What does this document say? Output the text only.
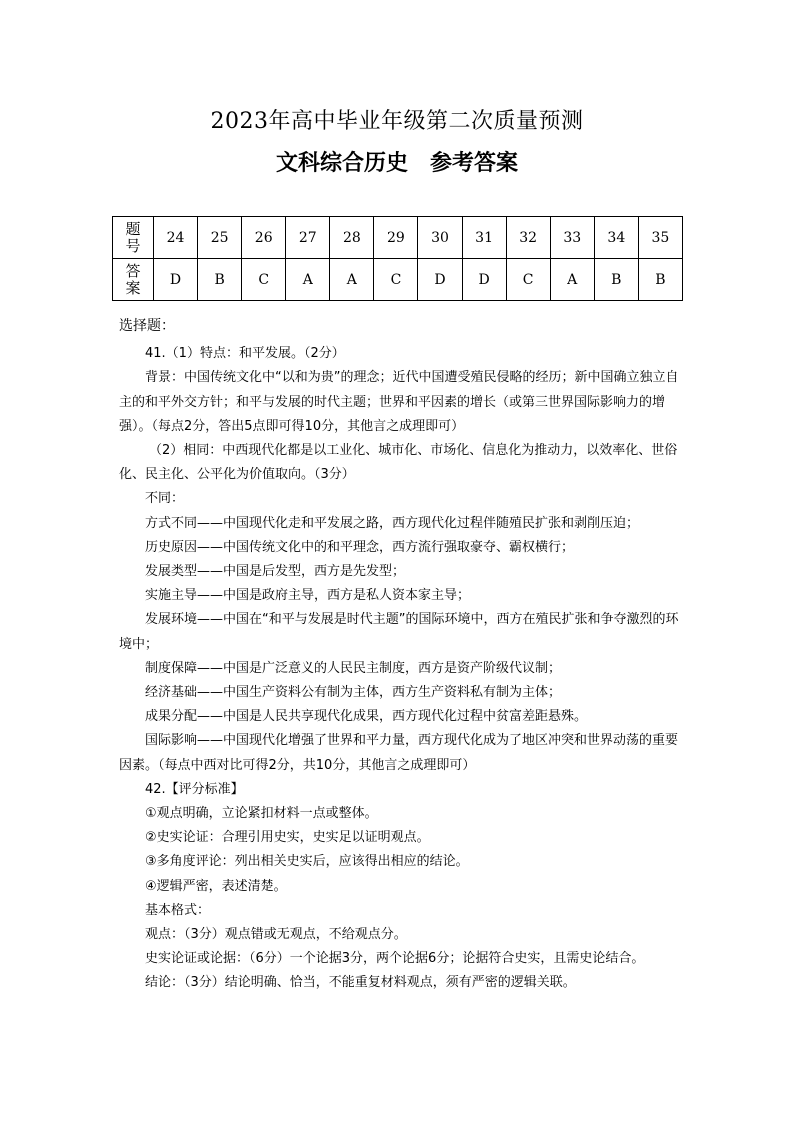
2023年高中毕业年级第二次质量预测
文科综合历史 参考答案
题
号	24	25	26	27	28	29	30	31	32	33	34	35
答
案	D	B	C	A	A	C	D	D	C	A	B	B

选择题：

41.（1）特点：和平发展。（2分）

背景：中国传统文化中“以和为贵”的理念；近代中国遭受殖民侵略的经历；新中国确立独立自主的和平外交方针；和平与发展的时代主题；世界和平因素的增长（或第三世界国际影响力的增强）。（每点2分，答出5点即可得10分，其他言之成理即可）

（2）相同：中西现代化都是以工业化、城市化、市场化、信息化为推动力，以效率化、世俗化、民主化、公平化为价值取向。（3分）

不同：

方式不同——中国现代化走和平发展之路，西方现代化过程伴随殖民扩张和剥削压迫；

历史原因——中国传统文化中的和平理念，西方流行强取豪夺、霸权横行；

发展类型——中国是后发型，西方是先发型；

实施主导——中国是政府主导，西方是私人资本家主导；

发展环境——中国在“和平与发展是时代主题”的国际环境中，西方在殖民扩张和争夺激烈的环境中；

制度保障——中国是广泛意义的人民民主制度，西方是资产阶级代议制；

经济基础——中国生产资料公有制为主体，西方生产资料私有制为主体；

成果分配——中国是人民共享现代化成果，西方现代化过程中贫富差距悬殊。

国际影响——中国现代化增强了世界和平力量，西方现代化成为了地区冲突和世界动荡的重要因素。（每点中西对比可得2分，共10分，其他言之成理即可）

42.【评分标准】

①观点明确，立论紧扣材料一点或整体。

②史实论证：合理引用史实，史实足以证明观点。

③多角度评论：列出相关史实后，应该得出相应的结论。

④逻辑严密，表述清楚。

基本格式：

观点：（3分）观点错或无观点，不给观点分。

史实论证或论据：（6分）一个论据3分，两个论据6分；论据符合史实，且需史论结合。

结论：（3分）结论明确、恰当，不能重复材料观点，须有严密的逻辑关联。
